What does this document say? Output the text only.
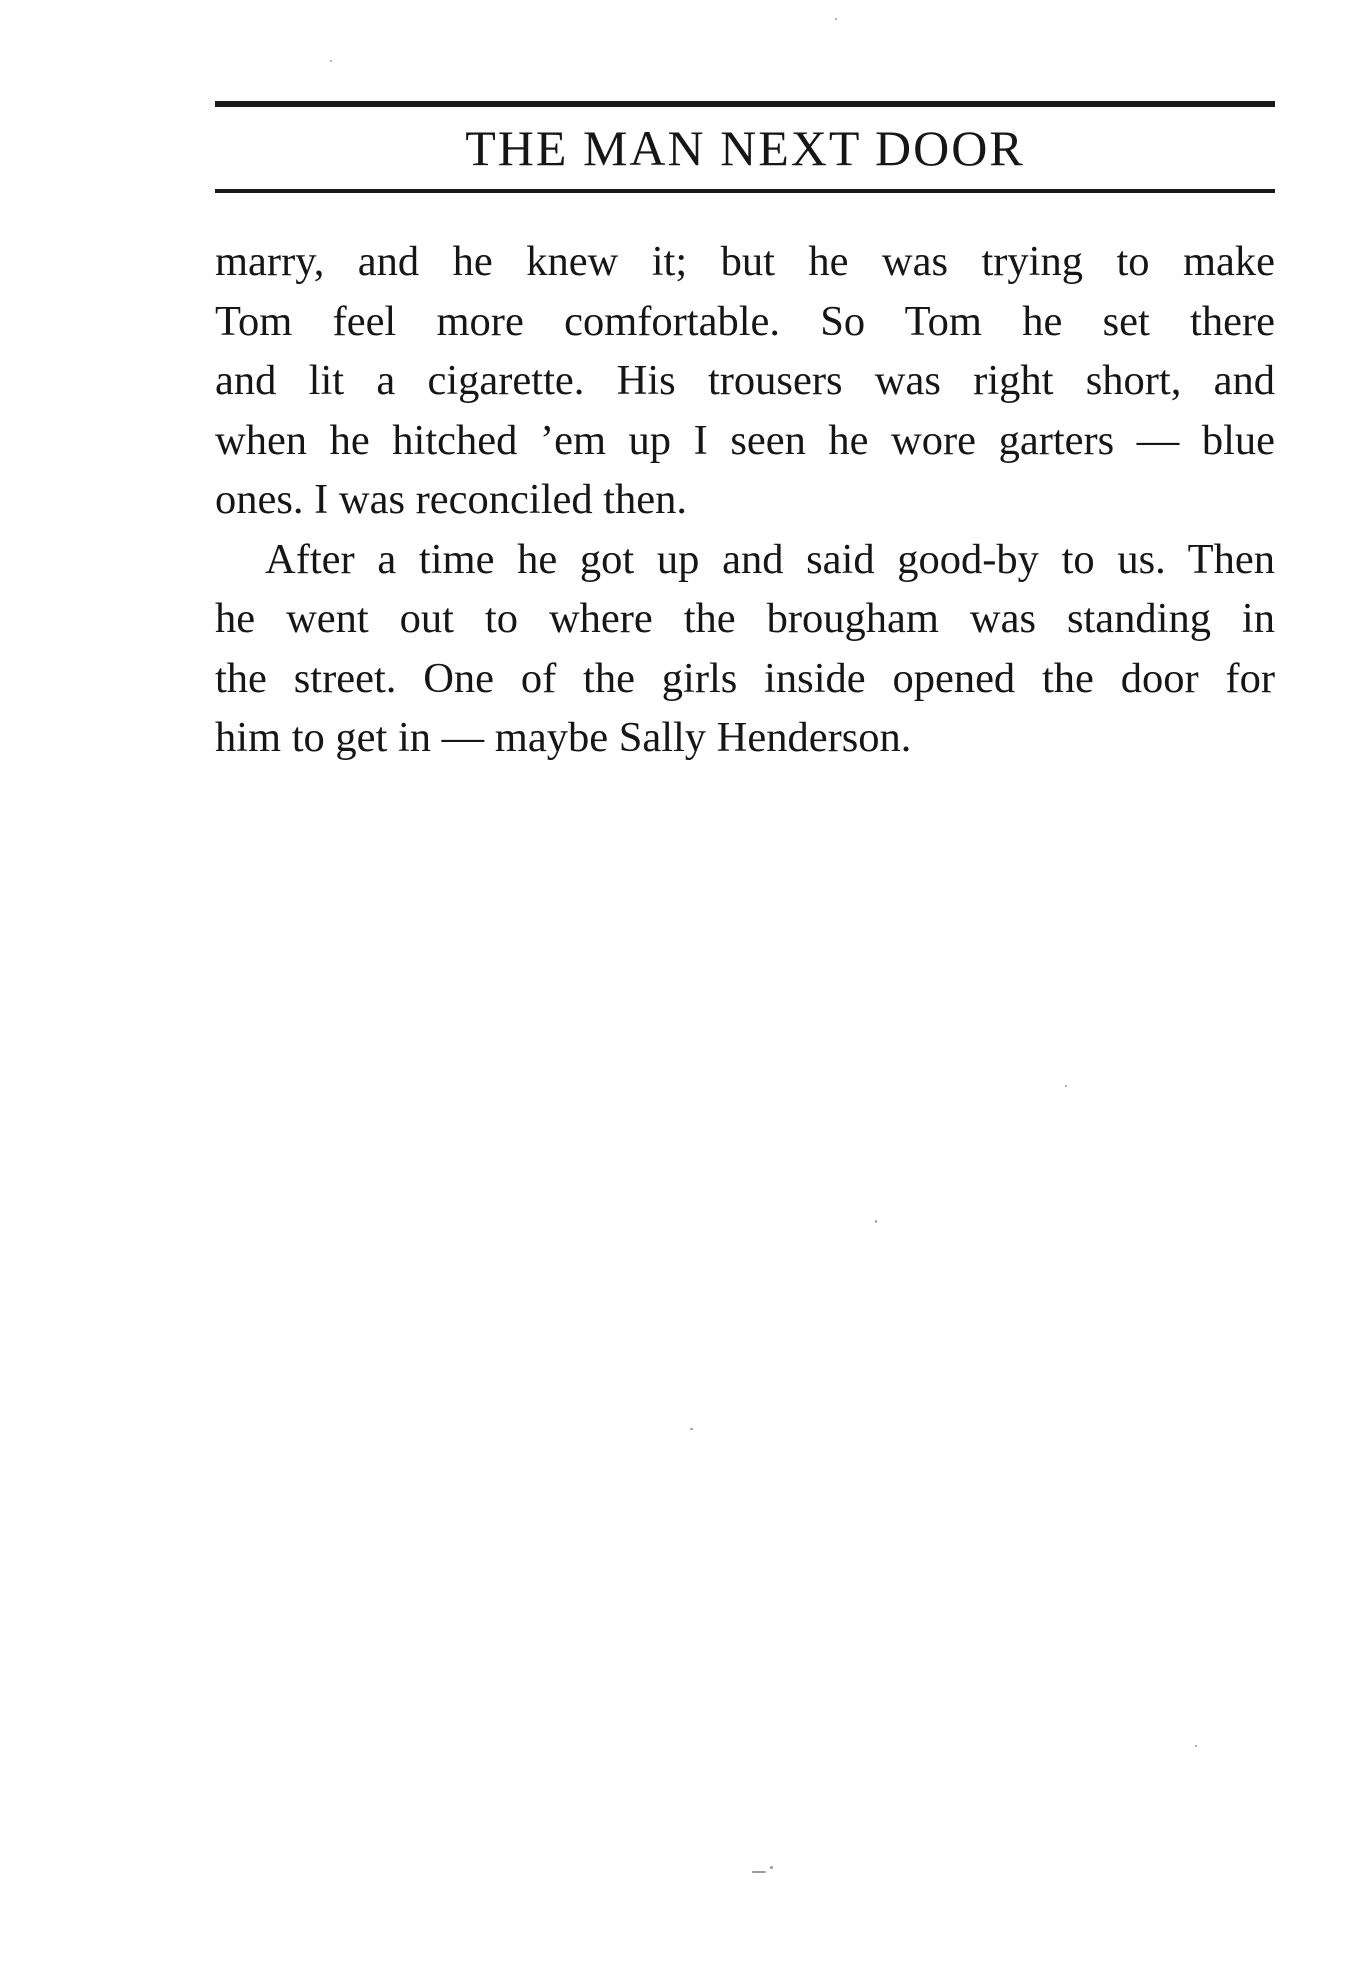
THE MAN NEXT DOOR

marry, and he knew it; but he was trying to make
Tom feel more comfortable. So Tom he set there
and lit a cigarette. His trousers was right short, and
when he hitched ’em up I seen he wore garters — blue
ones. I was reconciled then.

After a time he got up and said good-by to us. Then
he went out to where the brougham was standing in
the street. One of the girls inside opened the door for
him to get in — maybe Sally Henderson.
